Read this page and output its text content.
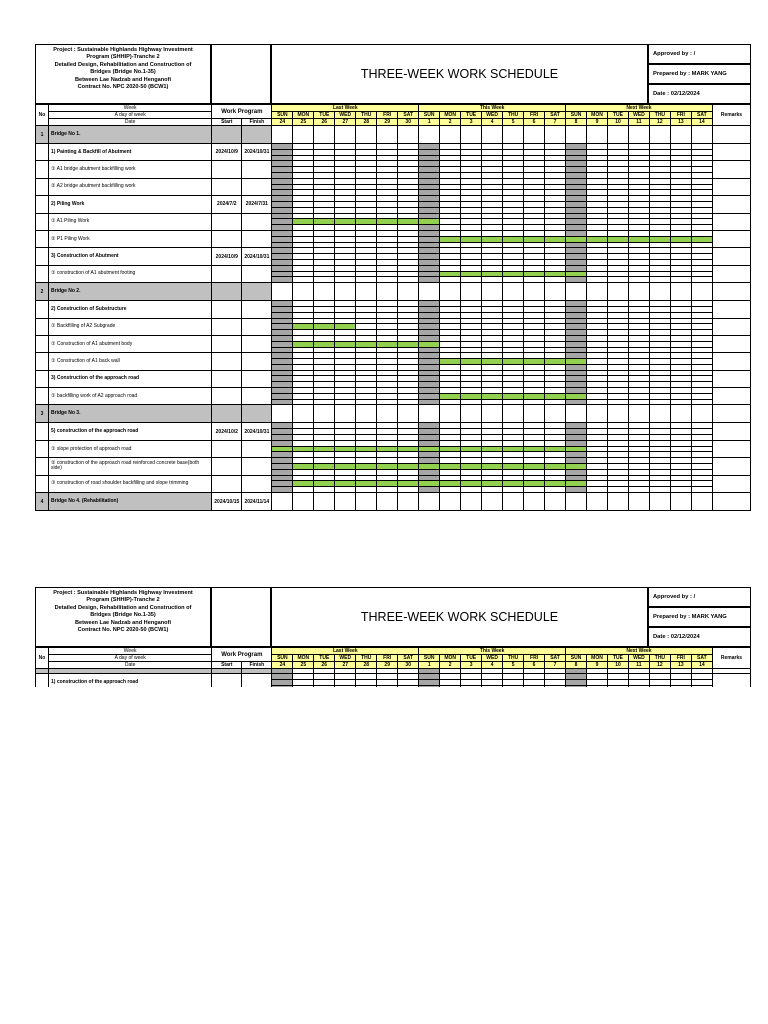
Project : Sustainable Highlands Highway Investment
Program (SHHIP)-Tranche 2
Detailed Design, Rehabilitation and Construction of
Bridges (Bridge No.1-35)
Between Lae Nadzab and Henganofi
Contract No. NPC 2020-50 (BCW1)
THREE-WEEK WORK SCHEDULE
Approved by : /
Prepared by : MARK YANG
Date : 02/12/2024
No	Week	Work Program		Last Week							This Week							Next Week							Remarks
	A day of week			SUN	MON	TUE	WED	THU	FRI	SAT	SUN	MON	TUE	WED	THU	FRI	SAT	SUN	MON	TUE	WED	THU	FRI	SAT	
	Date	Start	Finish	24	25	26	27	28	29	30	1	2	3	4	5	6	7	8	9	10	11	12	13	14	
1	Bridge No 1.																								
	1) Painting & Backfill of Abutment	2024/10/9	2024/10/31																						

	① A1 bridge abutment backfilling work																								

	② A2 bridge abutment backfilling work																								

	2) Piling Work	2024/7/2	2024/7/31																						

	① A1 Piling Work																								

	② P1 Piling Work																								

	3) Construction of Abutment	2024/10/9	2024/10/31																						

	① construction of A1 abutment footing																								

2	Bridge No 2.																								
	2) Construction of Substructure																								

	① Backfilling of A2 Subgrade																								

	① Construction of A1 abutment body																								

	① Construction of A1 back wall																								

	3) Construction of the approach road																								

	① backfilling work of A2 approach road																								

3	Bridge No 3.																								
	5) construction of the approach road	2024/10/2	2024/10/31																						

	① slope protection of approach road																								

	② construction of the approach road reinforced concrete base(both side)																								

	③ construction of road shoulder backfilling and slope trimming																								

4	Bridge No 4. (Rehabilitation)	2024/10/15	2024/11/14																						
Project : Sustainable Highlands Highway Investment
Program (SHHIP)-Tranche 2
Detailed Design, Rehabilitation and Construction of
Bridges (Bridge No.1-35)
Between Lae Nadzab and Henganofi
Contract No. NPC 2020-50 (BCW1)
THREE-WEEK WORK SCHEDULE
Approved by : /
Prepared by : MARK YANG
Date : 02/12/2024
No	Week	Work Program		Last Week							This Week							Next Week							Remarks
	A day of week			SUN	MON	TUE	WED	THU	FRI	SAT	SUN	MON	TUE	WED	THU	FRI	SAT	SUN	MON	TUE	WED	THU	FRI	SAT	
	Date	Start	Finish	24	25	26	27	28	29	30	1	2	3	4	5	6	7	8	9	10	11	12	13	14	

	1) construction of the approach road																								
